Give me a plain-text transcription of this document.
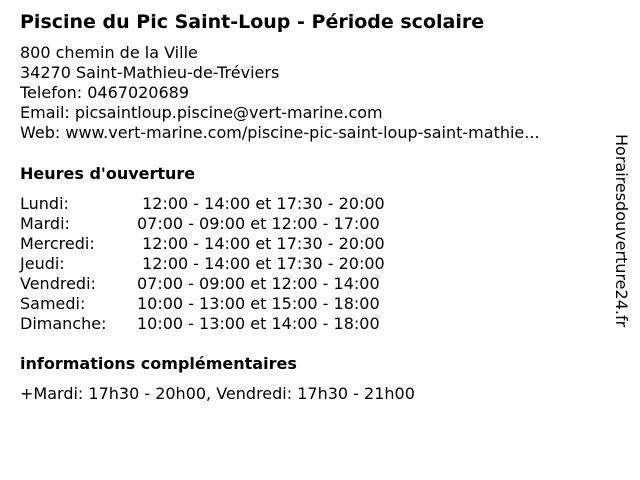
Piscine du Pic Saint-Loup - Période scolaire
800 chemin de la Ville
34270 Saint-Mathieu-de-Tréviers
Telefon: 0467020689
Email: picsaintloup.piscine@vert-marine.com
Web: www.vert-marine.com/piscine-pic-saint-loup-saint-mathie...
Heures d'ouverture
Lundi:	12:00 - 14:00 et 17:30 - 20:00
Mardi:	07:00 - 09:00 et 12:00 - 17:00
Mercredi:	12:00 - 14:00 et 17:30 - 20:00
Jeudi:	12:00 - 14:00 et 17:30 - 20:00
Vendredi:	07:00 - 09:00 et 12:00 - 14:00
Samedi:	10:00 - 13:00 et 15:00 - 18:00
Dimanche:	10:00 - 13:00 et 14:00 - 18:00
informations complémentaires
+Mardi: 17h30 - 20h00, Vendredi: 17h30 - 21h00
Horairesdouverture24.fr
